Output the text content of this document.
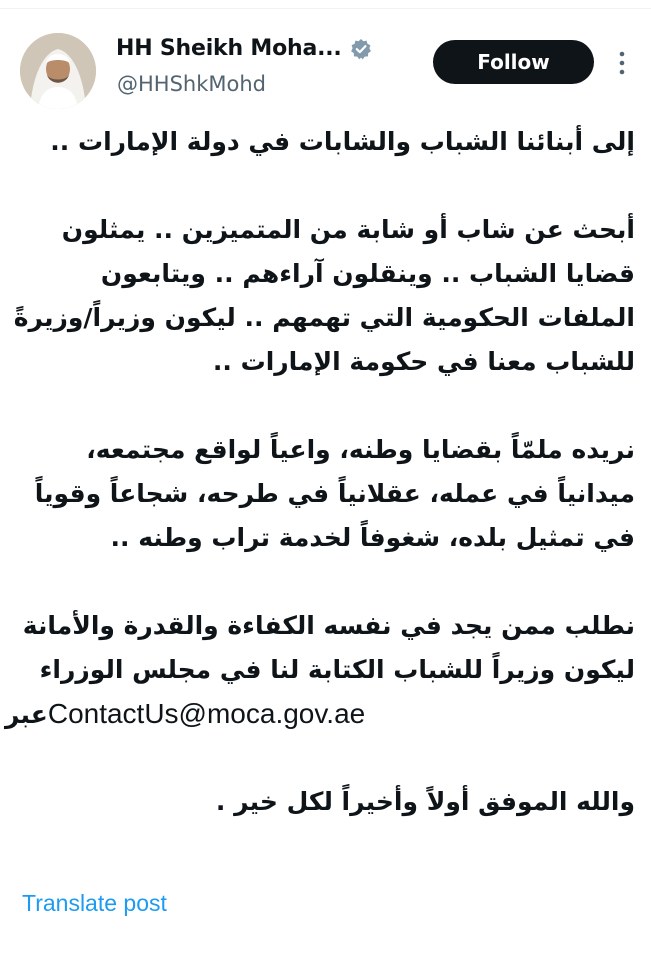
HH Sheikh Moha...
@HHShkMohd
Follow
إلى أبنائنا الشباب والشابات في دولة الإمارات ..
أبحث عن شاب أو شابة من المتميزين .. يمثلون
قضايا الشباب .. وينقلون آراءهم .. ويتابعون
الملفات الحكومية التي تهمهم .. ليكون وزيراً/وزيرةً
للشباب معنا في حكومة الإمارات ..
نريده ملمّاً بقضايا وطنه، واعياً لواقع مجتمعه،
ميدانياً في عمله، عقلانياً في طرحه، شجاعاً وقوياً
في تمثيل بلده، شغوفاً لخدمة تراب وطنه ..
نطلب ممن يجد في نفسه الكفاءة والقدرة والأمانة
ليكون وزيراً للشباب الكتابة لنا في مجلس الوزراء
عبر ContactUs@moca.gov.ae
والله الموفق أولاً وأخيراً لكل خير .
Translate post
